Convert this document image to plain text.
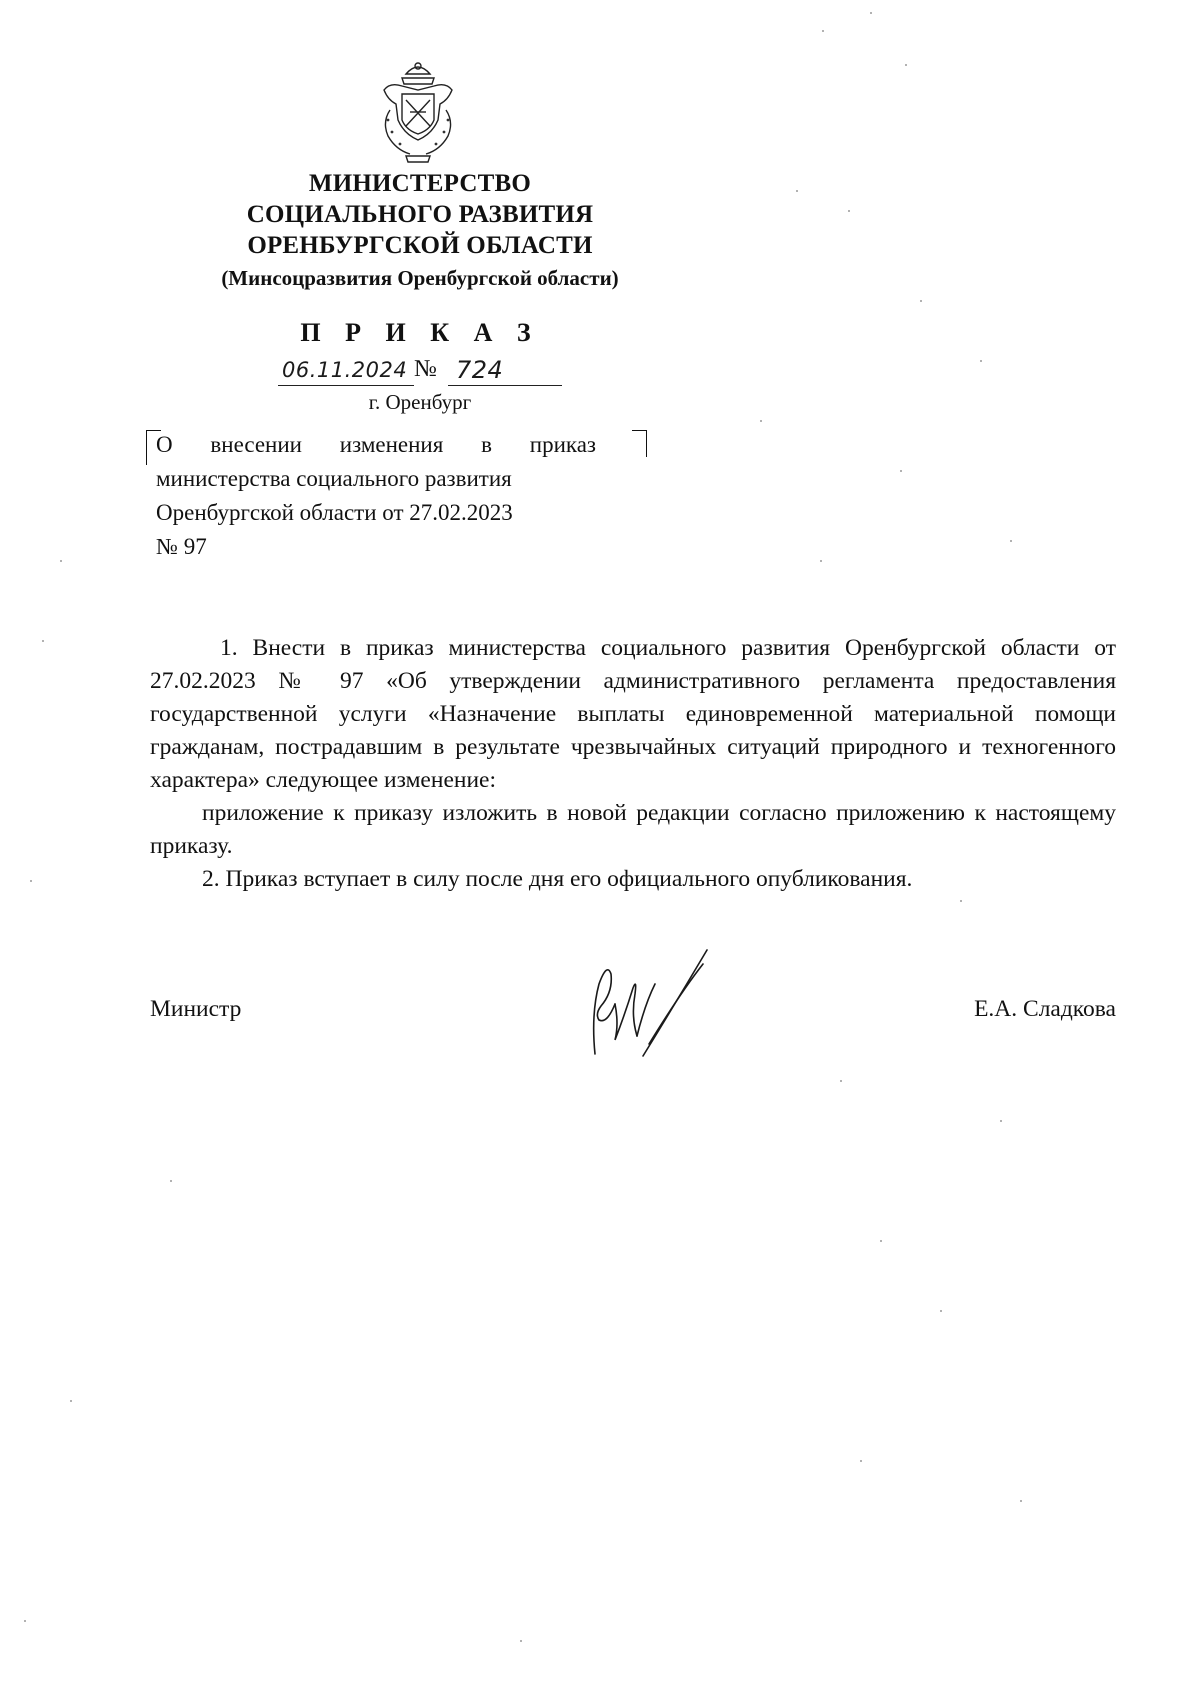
МИНИСТЕРСТВО
СОЦИАЛЬНОГО РАЗВИТИЯ
ОРЕНБУРГСКОЙ ОБЛАСТИ
(Минсоцразвития Оренбургской области)
П Р И К А З
06.11.2024 № 724
г. Оренбург
О внесении изменения в приказ
министерства социального развития
Оренбургской области от 27.02.2023
№ 97

1. Внести в приказ министерства социального развития Оренбургской области от 27.02.2023 № 97 «Об утверждении административного регламента предоставления государственной услуги «Назначение выплаты единовременной материальной помощи гражданам, пострадавшим в результате чрезвычайных ситуаций природного и техногенного характера» следующее изменение:

приложение к приказу изложить в новой редакции согласно приложению к настоящему приказу.

2. Приказ вступает в силу после дня его официального опубликования.

Министр	Е.А. Сладкова
